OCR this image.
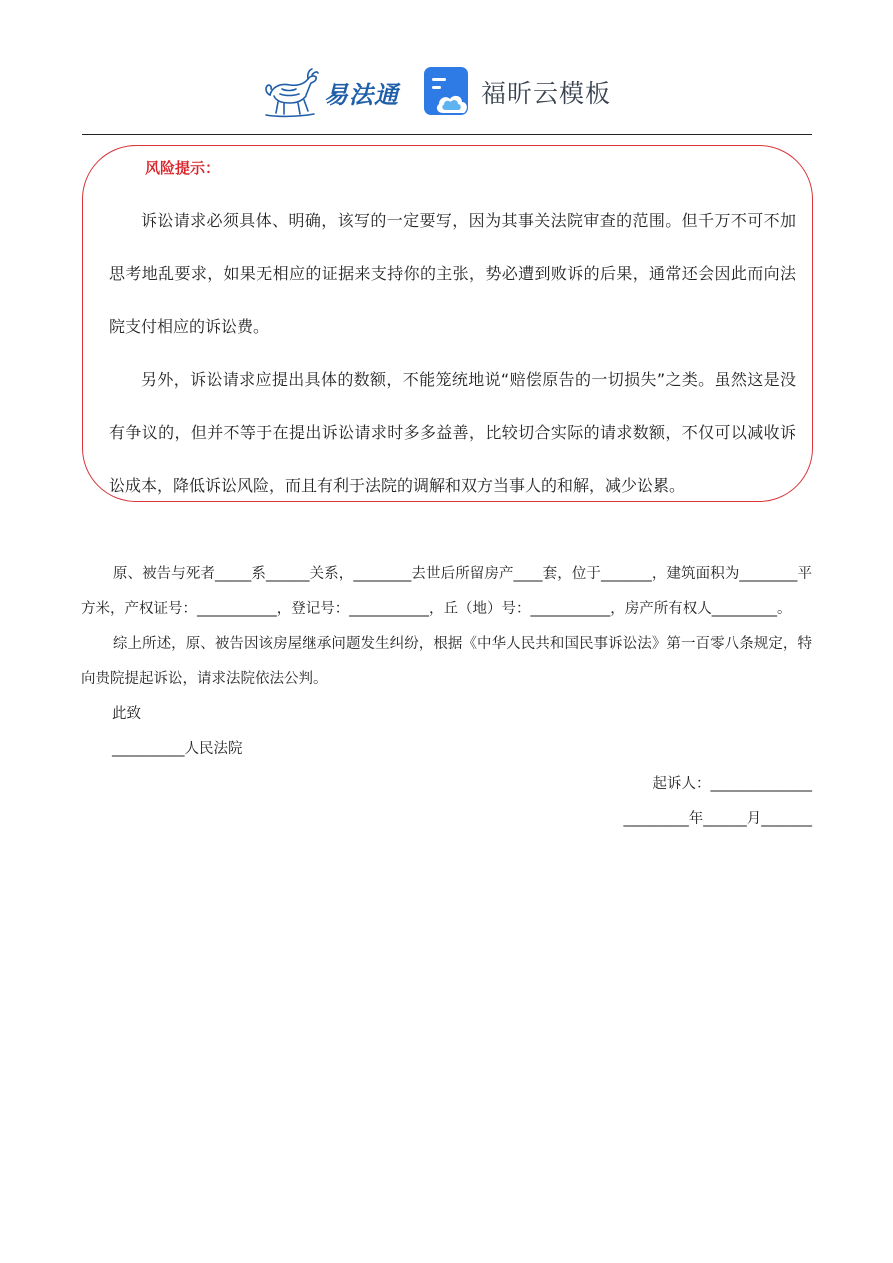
易法通	福昕云模板
风险提示：

诉讼请求必须具体、明确，该写的一定要写，因为其事关法院审查的范围。但千万不可不加思考地乱要求，如果无相应的证据来支持你的主张，势必遭到败诉的后果，通常还会因此而向法院支付相应的诉讼费。

另外，诉讼请求应提出具体的数额，不能笼统地说“赔偿原告的一切损失”之类。虽然这是没有争议的，但并不等于在提出诉讼请求时多多益善，比较切合实际的请求数额，不仅可以减收诉讼成本，降低诉讼风险，而且有利于法院的调解和双方当事人的和解，减少讼累。

原、被告与死者_____系______关系，________去世后所留房产____套，位于_______，建筑面积为________平方米，产权证号：___________，登记号：___________，丘（地）号：___________，房产所有权人_________。

综上所述，原、被告因该房屋继承问题发生纠纷，根据《中华人民共和国民事诉讼法》第一百零八条规定，特向贵院提起诉讼，请求法院依法公判。

此致

__________人民法院

起诉人：______________

_________年______月_______
